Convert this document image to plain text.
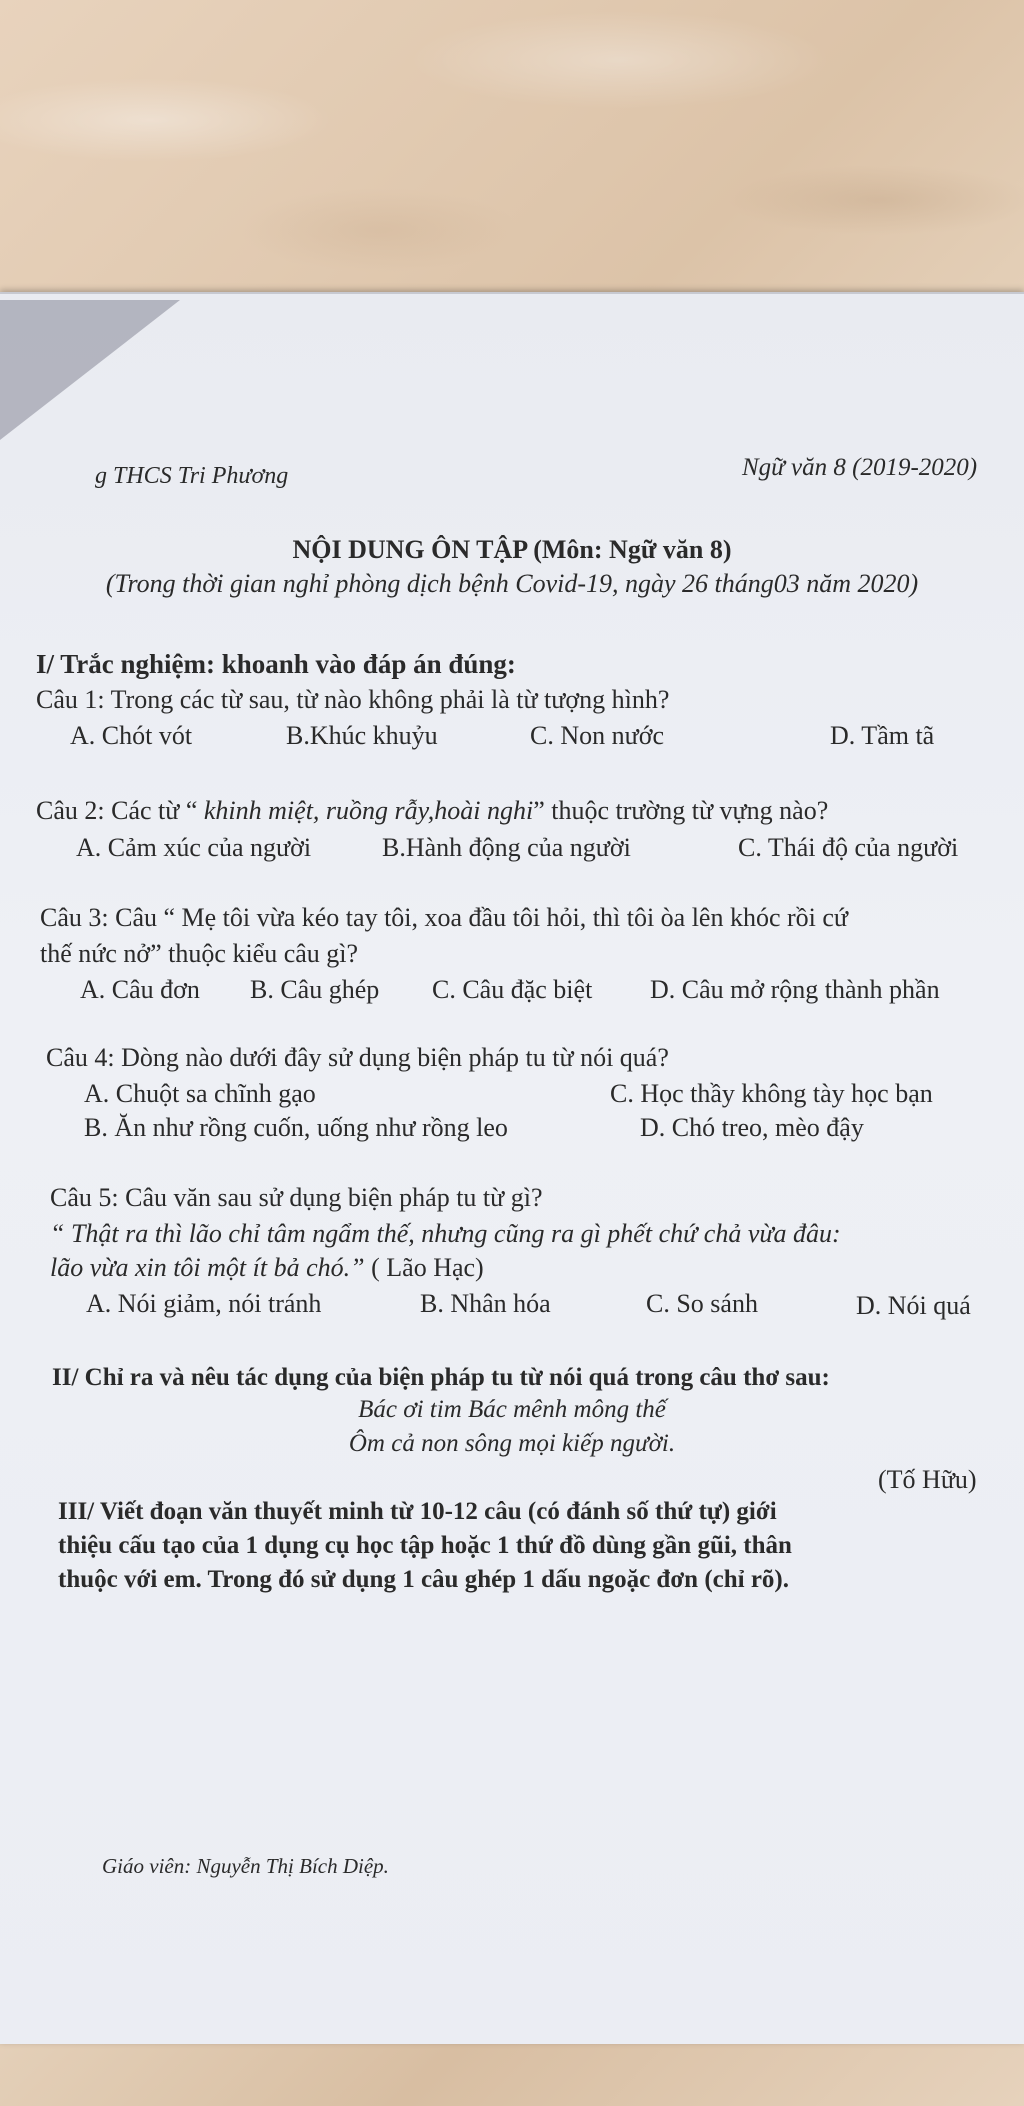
g THCS Tri Phương	Ngữ văn 8 (2019-2020)
NỘI DUNG ÔN TẬP (Môn: Ngữ văn 8)
(Trong thời gian nghỉ phòng dịch bệnh Covid-19, ngày 26 tháng03 năm 2020)
I/ Trắc nghiệm: khoanh vào đáp án đúng:
Câu 1: Trong các từ sau, từ nào không phải là từ tượng hình?
A. Chót vót	B.Khúc khuỷu	C. Non nước	D. Tầm tã
Câu 2: Các từ “ khinh miệt, ruồng rẫy,hoài nghi” thuộc trường từ vựng nào?
A. Cảm xúc của người	B.Hành động của người	C. Thái độ của người
Câu 3: Câu “ Mẹ tôi vừa kéo tay tôi, xoa đầu tôi hỏi, thì tôi òa lên khóc rồi cứ
thế nức nở” thuộc kiểu câu gì?
A. Câu đơn B. Câu ghép C. Câu đặc biệt D. Câu mở rộng thành phần
Câu 4: Dòng nào dưới đây sử dụng biện pháp tu từ nói quá?
A. Chuột sa chĩnh gạo	C. Học thầy không tày học bạn
B. Ăn như rồng cuốn, uống như rồng leo	D. Chó treo, mèo đậy
Câu 5: Câu văn sau sử dụng biện pháp tu từ gì?
“ Thật ra thì lão chỉ tâm ngẩm thế, nhưng cũng ra gì phết chứ chả vừa đâu:
lão vừa xin tôi một ít bả chó.” ( Lão Hạc)
A. Nói giảm, nói tránh	B. Nhân hóa	C. So sánh	D. Nói quá
II/ Chỉ ra và nêu tác dụng của biện pháp tu từ nói quá trong câu thơ sau:
Bác ơi tim Bác mênh mông thế
Ôm cả non sông mọi kiếp người.
(Tố Hữu)
III/ Viết đoạn văn thuyết minh từ 10-12 câu (có đánh số thứ tự) giới
thiệu cấu tạo của 1 dụng cụ học tập hoặc 1 thứ đồ dùng gần gũi, thân
thuộc với em. Trong đó sử dụng 1 câu ghép 1 dấu ngoặc đơn (chỉ rõ).
Giáo viên: Nguyễn Thị Bích Diệp.
